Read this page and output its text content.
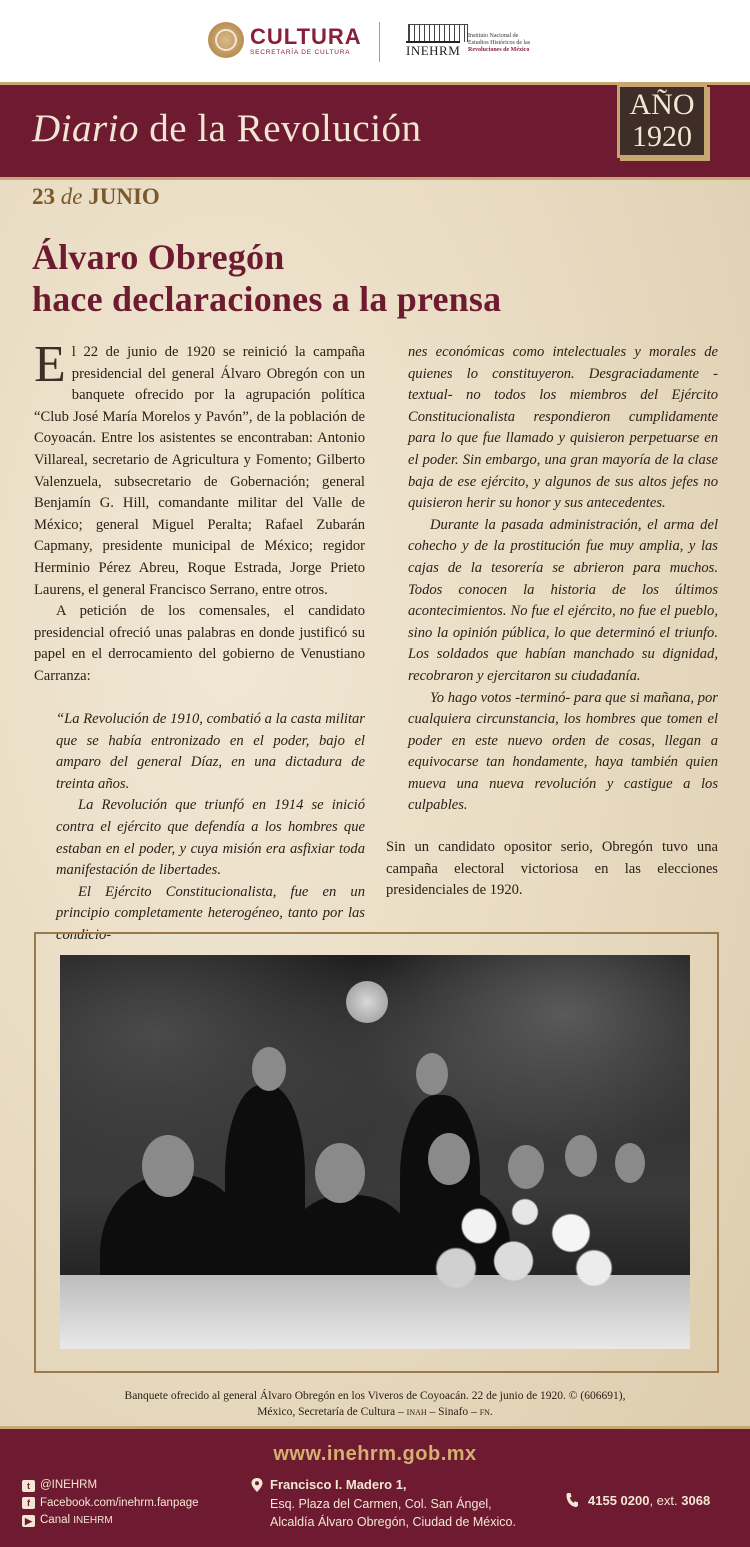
CULTURA
SECRETARÍA DE CULTURA	INEHRM
Instituto Nacional de
Estudios Históricos de las
Revoluciones de México
Diario de la Revolución
AÑO
1920
23 de JUNIO
Álvaro Obregón
hace declaraciones a la prensa

El 22 de junio de 1920 se reinició la campaña presidencial del general Álvaro Obregón con un banquete ofrecido por la agrupación política “Club José María Morelos y Pavón”, de la población de Coyoacán. Entre los asistentes se encontraban: Antonio Villareal, secretario de Agricultura y Fomento; Gilberto Valenzuela, subsecretario de Gobernación; general Benjamín G. Hill, comandante militar del Valle de México; general Miguel Peralta; Rafael Zubarán Capmany, presidente municipal de México; regidor Herminio Pérez Abreu, Roque Estrada, Jorge Prieto Laurens, el general Francisco Serrano, entre otros.

A petición de los comensales, el candidato presidencial ofreció unas palabras en donde justificó su papel en el derrocamiento del gobierno de Venustiano Carranza:

“La Revolución de 1910, combatió a la casta militar que se había entronizado en el poder, bajo el amparo del general Díaz, en una dictadura de treinta años.

La Revolución que triunfó en 1914 se inició contra el ejército que defendía a los hombres que estaban en el poder, y cuya misión era asfixiar toda manifestación de libertades.

El Ejército Constitucionalista, fue en un principio completamente heterogéneo, tanto por las condicio-

nes económicas como intelectuales y morales de quienes lo constituyeron. Desgraciadamente -textual- no todos los miembros del Ejército Constitucionalista respondieron cumplidamente para lo que fue llamado y quisieron perpetuarse en el poder. Sin embargo, una gran mayoría de la clase baja de ese ejército, y algunos de sus altos jefes no quisieron herir su honor y sus antecedentes.

Durante la pasada administración, el arma del cohecho y de la prostitución fue muy amplia, y las cajas de la tesorería se abrieron para muchos. Todos conocen la historia de los últimos acontecimientos. No fue el ejército, no fue el pueblo, sino la opinión pública, lo que determinó el triunfo. Los soldados que habían manchado su dignidad, recobraron y ejercitaron su ciudadanía.

Yo hago votos -terminó- para que si mañana, por cualquiera circunstancia, los hombres que tomen el poder en este nuevo orden de cosas, llegan a equivocarse tan hondamente, haya también quien mueva una nueva revolución y castigue a los culpables.

Sin un candidato opositor serio, Obregón tuvo una campaña electoral victoriosa en las elecciones presidenciales de 1920.

Banquete ofrecido al general Álvaro Obregón en los Viveros de Coyoacán. 22 de junio de 1920. © (606691),
México, Secretaría de Cultura – inah – Sinafo – fn.
www.inehrm.gob.mx
t @INEHRM
f Facebook.com/inehrm.fanpage
▶ Canal
INEHRM
Francisco I. Madero 1,
Esq. Plaza del Carmen, Col. San Ángel,
Alcaldía Álvaro Obregón, Ciudad de México.
4155 0200, ext. 3068
